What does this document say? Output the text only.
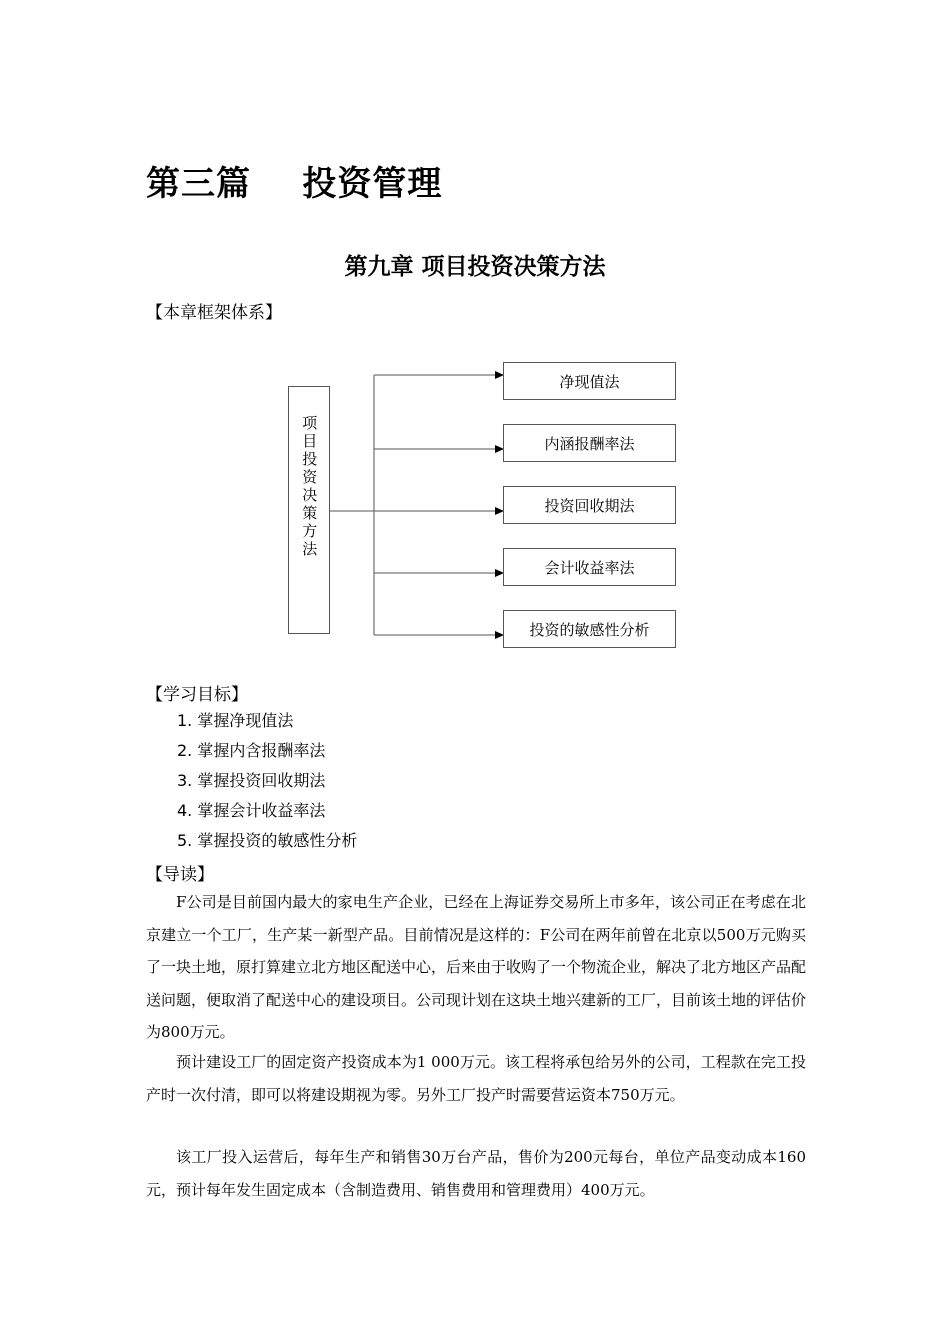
第三篇    投资管理
第九章 项目投资决策方法
【本章框架体系】
项目投资决策方法
净现值法
内涵报酬率法
投资回收期法
会计收益率法
投资的敏感性分析
【学习目标】
1. 掌握净现值法
2. 掌握内含报酬率法
3. 掌握投资回收期法
4. 掌握会计收益率法
5. 掌握投资的敏感性分析
【导读】

F公司是目前国内最大的家电生产企业，已经在上海证券交易所上市多年，该公司正在考虑在北京建立一个工厂，生产某一新型产品。目前情况是这样的：F公司在两年前曾在北京以500万元购买了一块土地，原打算建立北方地区配送中心，后来由于收购了一个物流企业，解决了北方地区产品配送问题，便取消了配送中心的建设项目。公司现计划在这块土地兴建新的工厂，目前该土地的评估价为800万元。

预计建设工厂的固定资产投资成本为1 000万元。该工程将承包给另外的公司，工程款在完工投产时一次付清，即可以将建设期视为零。另外工厂投产时需要营运资本750万元。

该工厂投入运营后，每年生产和销售30万台产品，售价为200元每台，单位产品变动成本160元，预计每年发生固定成本（含制造费用、销售费用和管理费用）400万元。
